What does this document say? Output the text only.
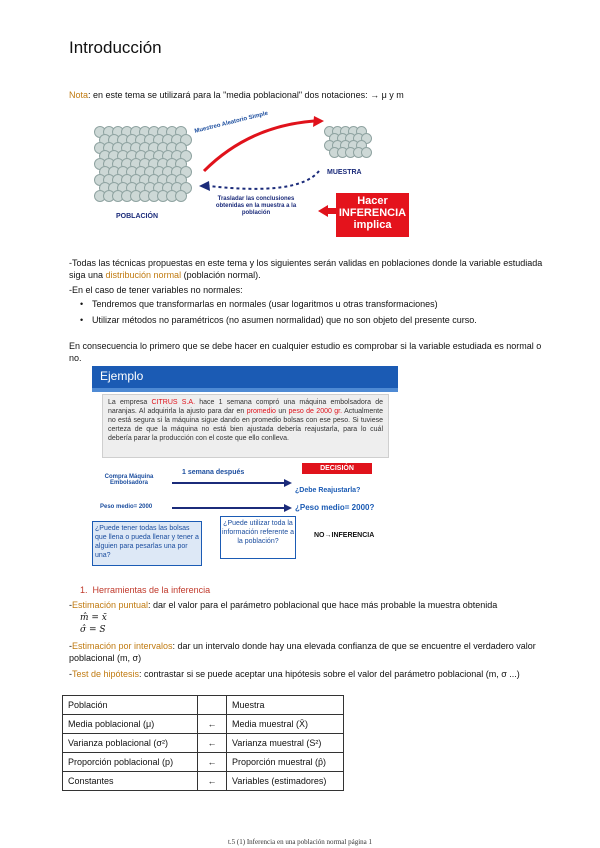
Introducción
Nota: en este tema se utilizará para la "media poblacional" dos notaciones: → μ y m
Muestreo Aleatorio Simple
MUESTRA
POBLACIÓN
Trasladar las conclusiones obtenidas en la muestra a la población
Hacer
INFERENCIA
implica
-Todas las técnicas propuestas en este tema y los siguientes serán validas en poblaciones donde la variable estudiada siga una distribución normal (población normal).
-En el caso de tener variables no normales:
• Tendremos que transformarlas en normales (usar logaritmos u otras transformaciones)
• Utilizar métodos no paramétricos (no asumen normalidad) que no son objeto del presente curso.
En consecuencia lo primero que se debe hacer en cualquier estudio es comprobar si la variable estudiada es normal o no.
Ejemplo
La empresa CITRUS S.A. hace 1 semana compró una máquina embolsadora de naranjas. Al adquirirla la ajusto para dar en promedio un peso de 2000 gr. Actualmente no está segura si la máquina sigue dando en promedio bolsas con ese peso. Si tuviese certeza de que la máquina no está bien ajustada debería reajustarla, para lo cuál debería parar la producción con el coste que ello conlleva.
DECISIÓN
1 semana después
Compra Máquina Embolsadora
¿Debe Reajustarla?
Peso medio= 2000	¿Peso medio= 2000?
¿Puede tener todas las bolsas que llena o pueda llenar y tener a alguien para pesarlas una por una?
¿Puede utilizar toda la información referente a la población?
NO→INFERENCIA
1. Herramientas de la inferencia
-Estimación puntual: dar el valor para el parámetro poblacional que hace más probable la muestra obtenida
m̂ = x̄
σ̂ = S
-Estimación por intervalos: dar un intervalo donde hay una elevada confianza de que se encuentre el verdadero valor poblacional (m, σ)
-Test de hipótesis: contrastar si se puede aceptar una hipótesis sobre el valor del parámetro poblacional (m, σ ...)
Población		Muestra
Media poblacional (μ)	←	Media muestral (X̄)
Varianza poblacional (σ²)	←	Varianza muestral (S²)
Proporción poblacional (p)	←	Proporción muestral (p̂)
Constantes	←	Variables (estimadores)
t.5 (1) Inferencia en una población normal página 1
